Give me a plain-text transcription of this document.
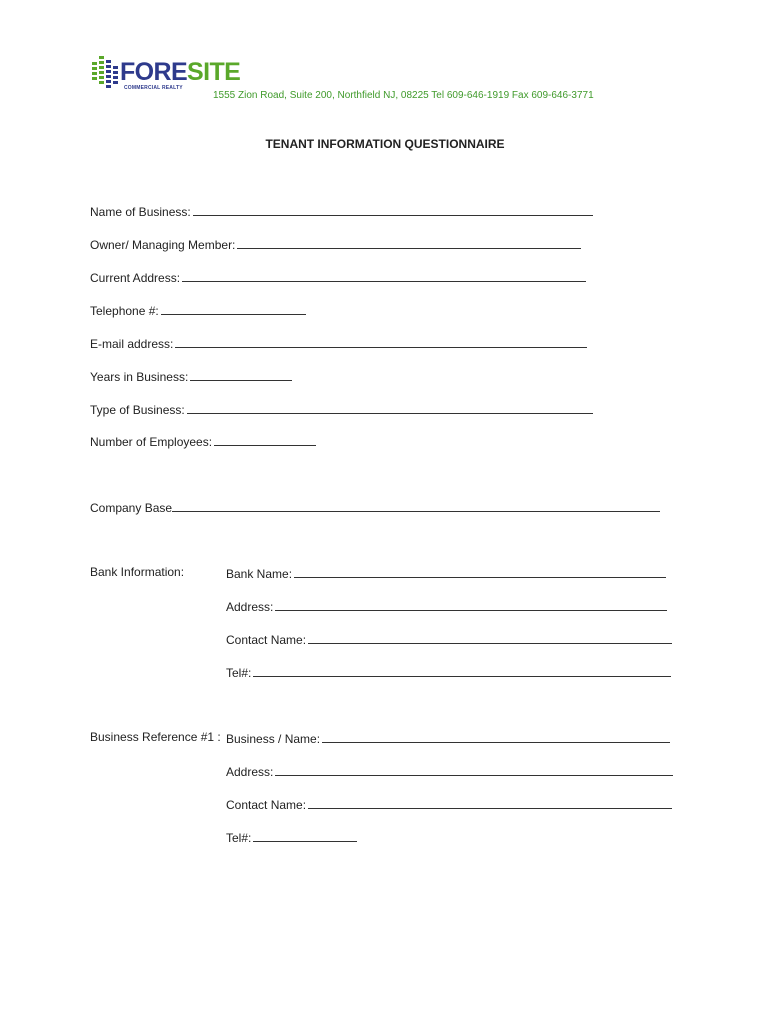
FORESITE
COMMERCIAL REALTY
1555 Zion Road, Suite 200, Northfield NJ, 08225 Tel 609-646-1919 Fax 609-646-3771
TENANT INFORMATION QUESTIONNAIRE
Name of Business:
Owner/ Managing Member:
Current Address:
Telephone #:
E-mail address:
Years in Business:
Type of Business:
Number of Employees:
Company Base
Bank Information:	Bank Name:
Address:
Contact Name:
Tel#:
Business Reference #1 : Business / Name:
Address:
Contact Name:
Tel#:
